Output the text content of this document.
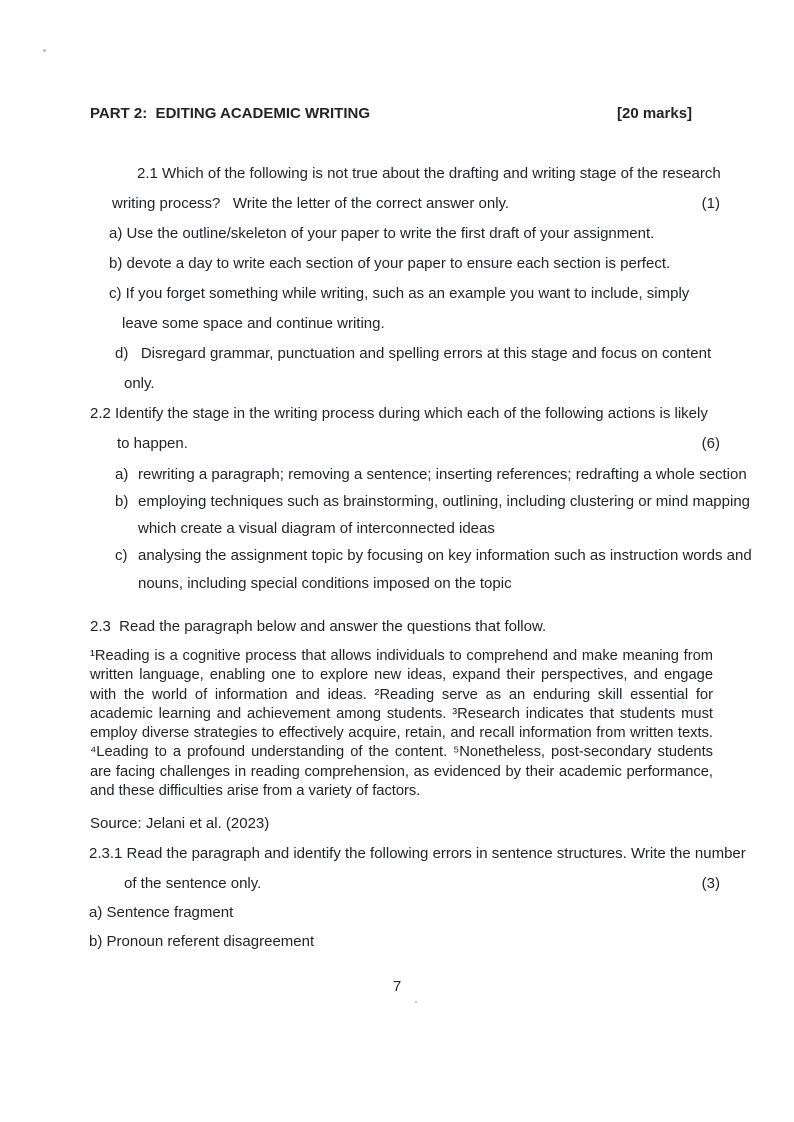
PART 2:  EDITING ACADEMIC WRITING	[20 marks]
2.1 Which of the following is not true about the drafting and writing stage of the research
writing process?   Write the letter of the correct answer only.	(1)
a) Use the outline/skeleton of your paper to write the first draft of your assignment.
b) devote a day to write each section of your paper to ensure each section is perfect.
c) If you forget something while writing, such as an example you want to include, simply
leave some space and continue writing.
d)   Disregard grammar, punctuation and spelling errors at this stage and focus on content
only.
2.2 Identify the stage in the writing process during which each of the following actions is likely
to happen.	(6)
a) rewriting a paragraph; removing a sentence; inserting references; redrafting a whole section
b) employing techniques such as brainstorming, outlining, including clustering or mind mapping
which create a visual diagram of interconnected ideas
c) analysing the assignment topic by focusing on key information such as instruction words and
nouns, including special conditions imposed on the topic
2.3  Read the paragraph below and answer the questions that follow.
¹Reading is a cognitive process that allows individuals to comprehend and make meaning from written language, enabling one to explore new ideas, expand their perspectives, and engage with the world of information and ideas. ²Reading serve as an enduring skill essential for academic learning and achievement among students. ³Research indicates that students must employ diverse strategies to effectively acquire, retain, and recall information from written texts. ⁴Leading to a profound understanding of the content. ⁵Nonetheless, post-secondary students are facing challenges in reading comprehension, as evidenced by their academic performance, and these difficulties arise from a variety of factors.
Source: Jelani et al. (2023)
2.3.1 Read the paragraph and identify the following errors in sentence structures. Write the number
of the sentence only.	(3)
a) Sentence fragment
b) Pronoun referent disagreement
7
